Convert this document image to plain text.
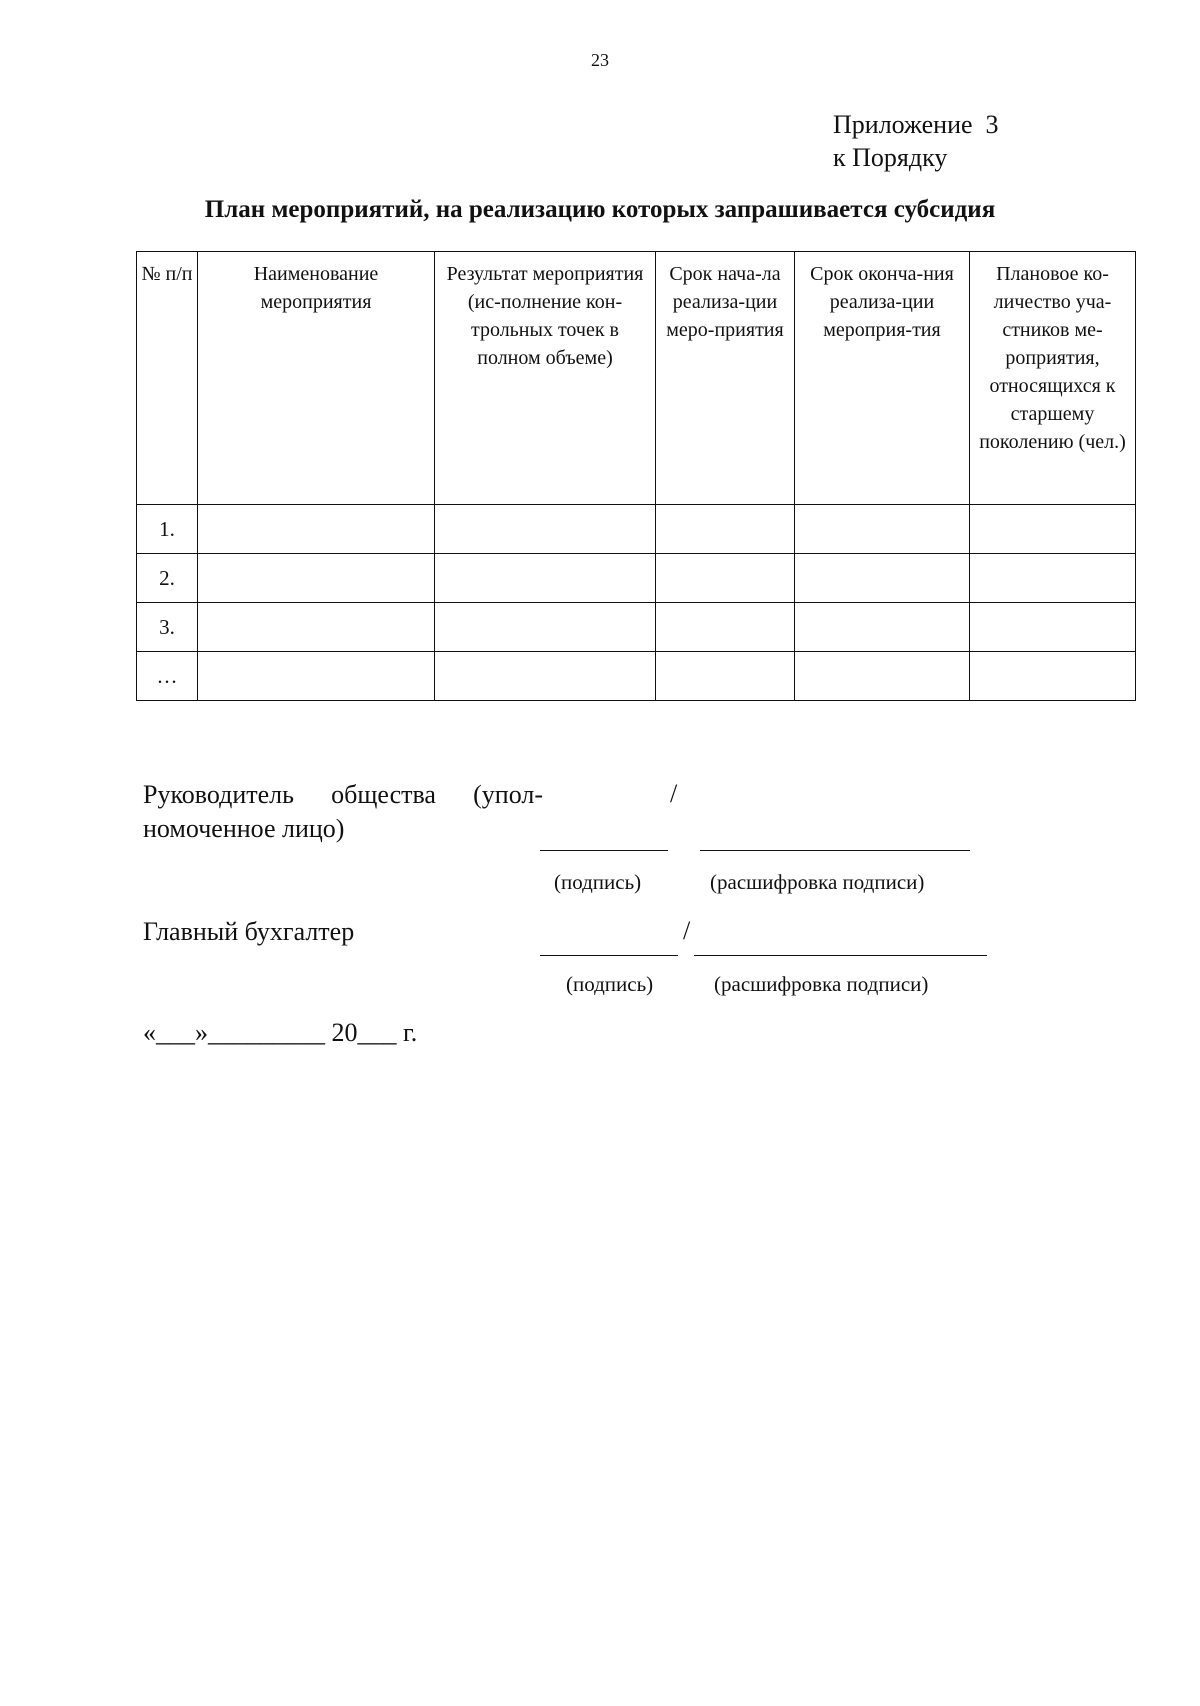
23
Приложение  3
к Порядку
План мероприятий, на реализацию которых запрашивается субсидия
№ п/п	Наименование мероприятия	Результат мероприятия (ис-полнение кон-трольных точек в полном объеме)	Срок нача-ла реализа-ции меро-приятия	Срок оконча-ния реализа-ции мероприя-тия	Плановое ко-личество уча-стников ме-роприятия, относящихся к старшему поколению (чел.)
1.					
2.					
3.					
…					
Руководитель общества (упол-номоченное лицо)
/
(подпись)	(расшифровка подписи)
Главный бухгалтер	/
(подпись)	(расшифровка подписи)
«___»_________ 20___ г.
